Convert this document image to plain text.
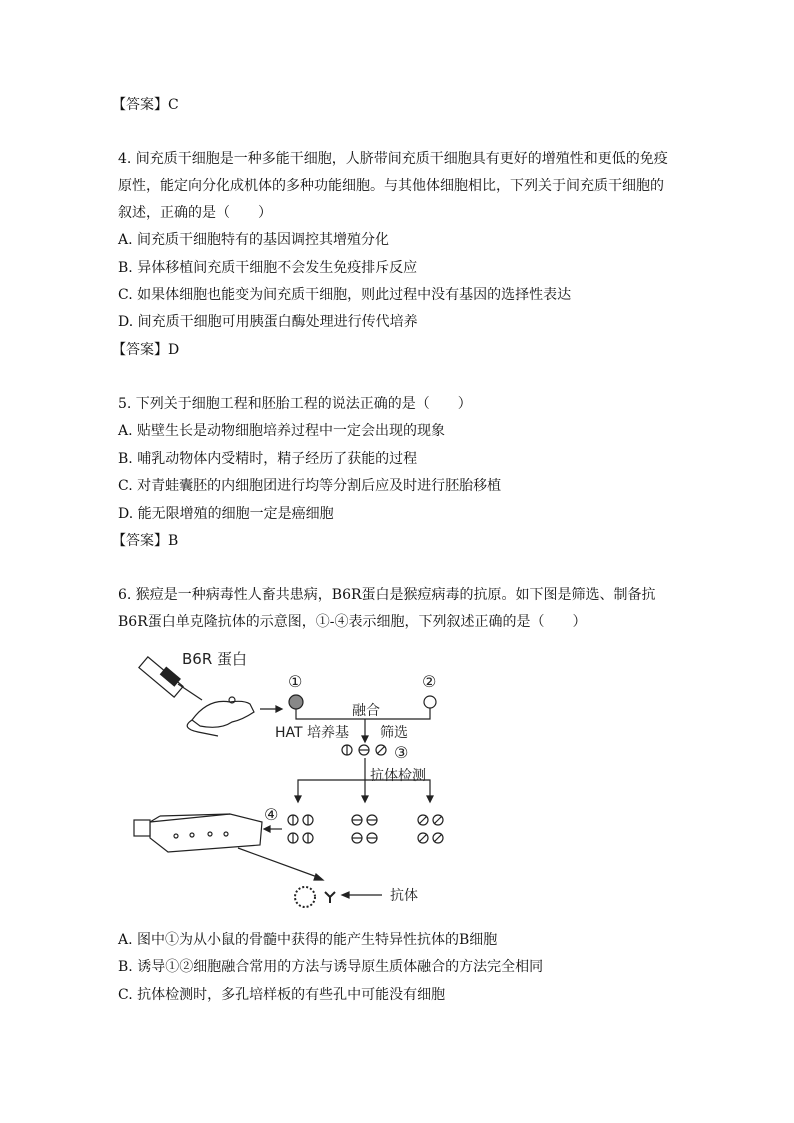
【答案】C
4. 间充质干细胞是一种多能干细胞，人脐带间充质干细胞具有更好的增殖性和更低的免疫
原性，能定向分化成机体的多种功能细胞。与其他体细胞相比，下列关于间充质干细胞的
叙述，正确的是（　　）
A. 间充质干细胞特有的基因调控其增殖分化
B. 异体移植间充质干细胞不会发生免疫排斥反应
C. 如果体细胞也能变为间充质干细胞，则此过程中没有基因的选择性表达
D. 间充质干细胞可用胰蛋白酶处理进行传代培养
【答案】D
5. 下列关于细胞工程和胚胎工程的说法正确的是（　　）
A. 贴壁生长是动物细胞培养过程中一定会出现的现象
B. 哺乳动物体内受精时，精子经历了获能的过程
C. 对青蛙囊胚的内细胞团进行均等分割后应及时进行胚胎移植
D. 能无限增殖的细胞一定是癌细胞
【答案】B
6. 猴痘是一种病毒性人畜共患病，B6R蛋白是猴痘病毒的抗原。如下图是筛选、制备抗
B6R蛋白单克隆抗体的示意图，①-④表示细胞，下列叙述正确的是（　　）
B6R 蛋白
①	②
融合
HAT 培养基 筛选
③
抗体检测
④
抗体
A. 图中①为从小鼠的骨髓中获得的能产生特异性抗体的B细胞
B. 诱导①②细胞融合常用的方法与诱导原生质体融合的方法完全相同
C. 抗体检测时，多孔培样板的有些孔中可能没有细胞
